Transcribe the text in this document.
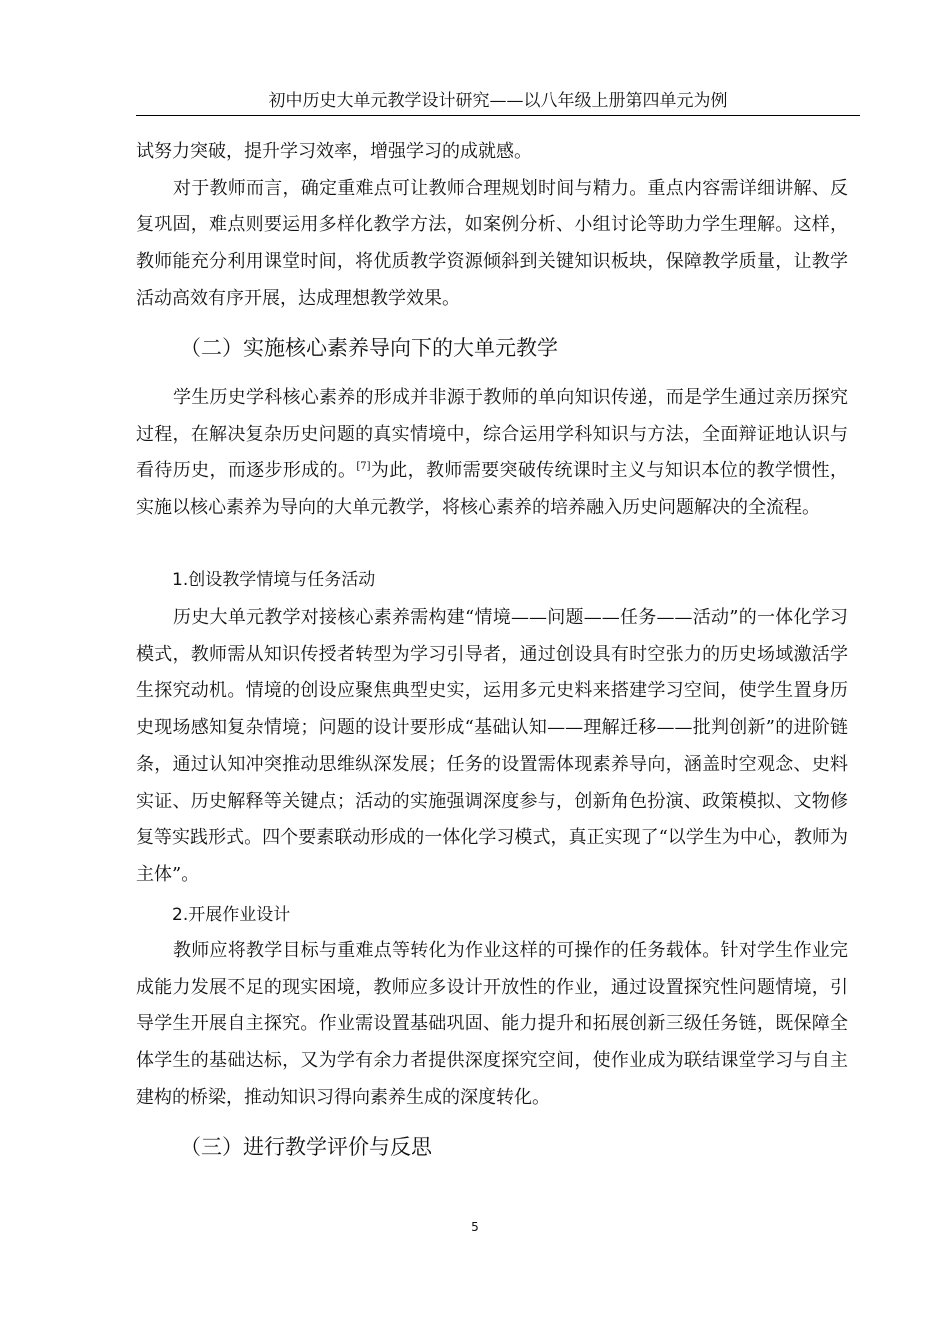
初中历史大单元教学设计研究——以八年级上册第四单元为例

试努力突破，提升学习效率，增强学习的成就感。

对于教师而言，确定重难点可让教师合理规划时间与精力。重点内容需详细讲解、反复巩固，难点则要运用多样化教学方法，如案例分析、小组讨论等助力学生理解。这样，教师能充分利用课堂时间，将优质教学资源倾斜到关键知识板块，保障教学质量，让教学活动高效有序开展，达成理想教学效果。

（二）实施核心素养导向下的大单元教学

学生历史学科核心素养的形成并非源于教师的单向知识传递，而是学生通过亲历探究过程，在解决复杂历史问题的真实情境中，综合运用学科知识与方法，全面辩证地认识与看待历史，而逐步形成的。[7]为此，教师需要突破传统课时主义与知识本位的教学惯性，实施以核心素养为导向的大单元教学，将核心素养的培养融入历史问题解决的全流程。

1.创设教学情境与任务活动

历史大单元教学对接核心素养需构建“情境——问题——任务——活动”的一体化学习模式，教师需从知识传授者转型为学习引导者，通过创设具有时空张力的历史场域激活学生探究动机。情境的创设应聚焦典型史实，运用多元史料来搭建学习空间，使学生置身历史现场感知复杂情境；问题的设计要形成“基础认知——理解迁移——批判创新”的进阶链条，通过认知冲突推动思维纵深发展；任务的设置需体现素养导向，涵盖时空观念、史料实证、历史解释等关键点；活动的实施强调深度参与，创新角色扮演、政策模拟、文物修复等实践形式。四个要素联动形成的一体化学习模式，真正实现了“以学生为中心，教师为主体”。

2.开展作业设计

教师应将教学目标与重难点等转化为作业这样的可操作的任务载体。针对学生作业完成能力发展不足的现实困境，教师应多设计开放性的作业，通过设置探究性问题情境，引导学生开展自主探究。作业需设置基础巩固、能力提升和拓展创新三级任务链，既保障全体学生的基础达标，又为学有余力者提供深度探究空间，使作业成为联结课堂学习与自主建构的桥梁，推动知识习得向素养生成的深度转化。

（三）进行教学评价与反思
5
